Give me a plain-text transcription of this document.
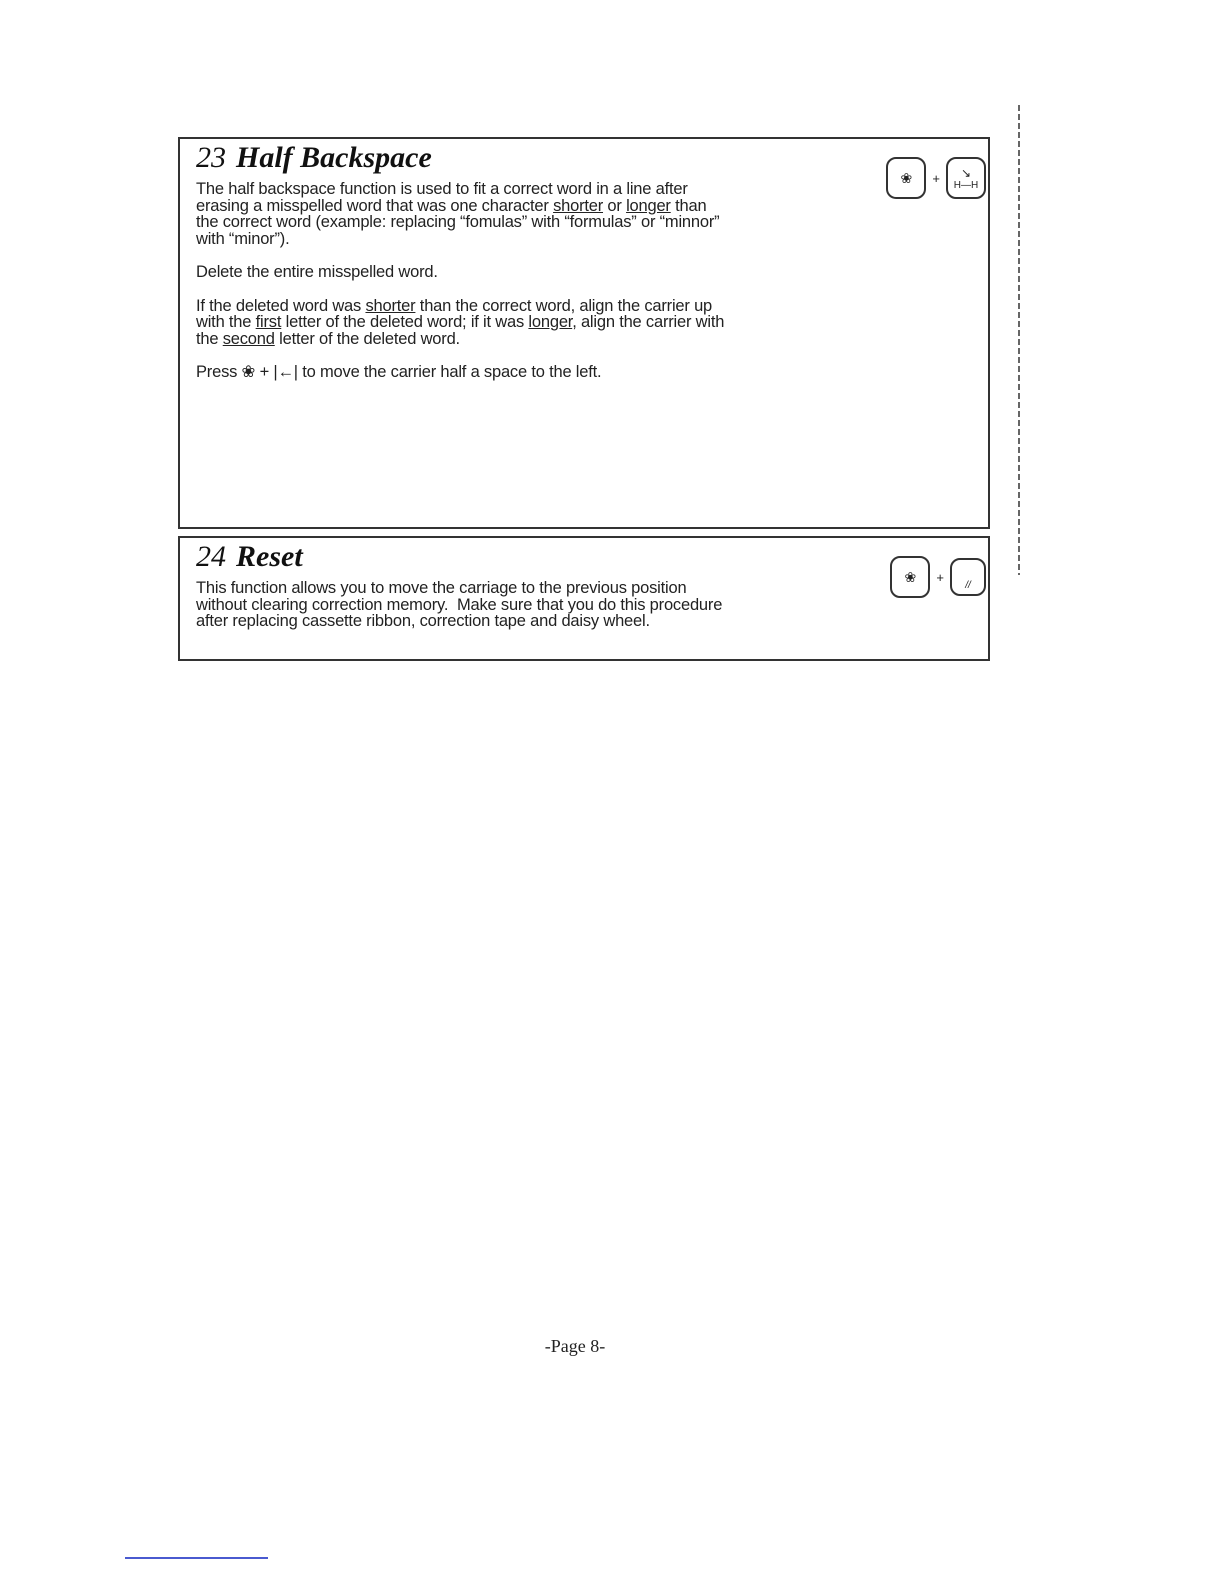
23 Half Backspace
❀ + ↘
H—H
The half backspace function is used to fit a correct word in a line after
erasing a misspelled word that was one character shorter or longer than
the correct word (example: replacing “fomulas” with “formulas” or “minnor”
with “minor”).
Delete the entire misspelled word.
If the deleted word was shorter than the correct word, align the carrier up
with the first letter of the deleted word; if it was longer, align the carrier with
the second letter of the deleted word.
Press ❀ + |←| to move the carrier half a space to the left.
24 Reset
❀ +
//
This function allows you to move the carriage to the previous position
without clearing correction memory.  Make sure that you do this procedure
after replacing cassette ribbon, correction tape and daisy wheel.
-Page 8-
